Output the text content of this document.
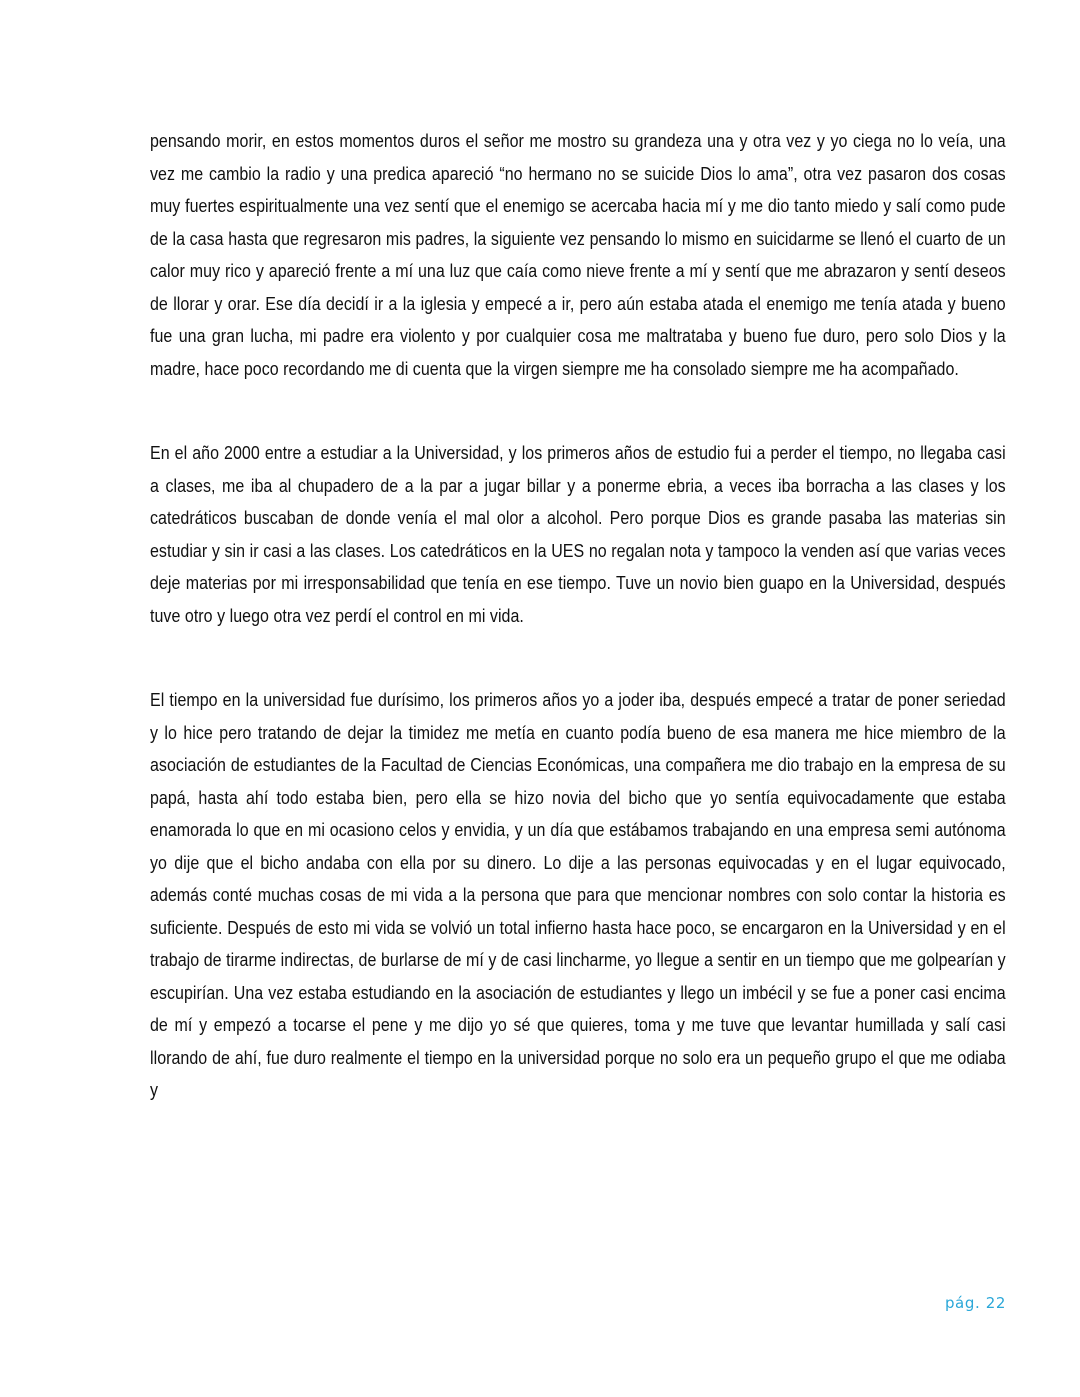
pensando morir, en estos momentos duros el señor me mostro su grandeza una y otra vez y yo ciega no lo veía, una vez me cambio la radio y una predica apareció “no hermano no se suicide Dios lo ama”, otra vez pasaron dos cosas muy fuertes espiritualmente una vez sentí que el enemigo se acercaba hacia mí y me dio tanto miedo y salí como pude de la casa hasta que regresaron mis padres, la siguiente vez pensando lo mismo en suicidarme se llenó el cuarto de un calor muy rico y apareció frente a mí una luz que caía como nieve frente a mí y sentí que me abrazaron y sentí deseos de llorar y orar. Ese día decidí ir a la iglesia y empecé a ir, pero aún estaba atada el enemigo me tenía atada y bueno fue una gran lucha, mi padre era violento y por cualquier cosa me maltrataba y bueno fue duro, pero solo Dios y la madre, hace poco recordando me di cuenta que la virgen siempre me ha consolado siempre me ha acompañado.

En el año 2000 entre a estudiar a la Universidad, y los primeros años de estudio fui a perder el tiempo, no llegaba casi a clases, me iba al chupadero de a la par a jugar billar y a ponerme ebria, a veces iba borracha a las clases y los catedráticos buscaban de donde venía el mal olor a alcohol. Pero porque Dios es grande pasaba las materias sin estudiar y sin ir casi a las clases. Los catedráticos en la UES no regalan nota y tampoco la venden así que varias veces deje materias por mi irresponsabilidad que tenía en ese tiempo. Tuve un novio bien guapo en la Universidad, después tuve otro y luego otra vez perdí el control en mi vida.

El tiempo en la universidad fue durísimo, los primeros años yo a joder iba, después empecé a tratar de poner seriedad y lo hice pero tratando de dejar la timidez me metía en cuanto podía bueno de esa manera me hice miembro de la asociación de estudiantes de la Facultad de Ciencias Económicas, una compañera me dio trabajo en la empresa de su papá, hasta ahí todo estaba bien, pero ella se hizo novia del bicho que yo sentía equivocadamente que estaba enamorada lo que en mi ocasiono celos y envidia, y un día que estábamos trabajando en una empresa semi autónoma yo dije que el bicho andaba con ella por su dinero. Lo dije a las personas equivocadas y en el lugar equivocado, además conté muchas cosas de mi vida a la persona que para que mencionar nombres con solo contar la historia es suficiente. Después de esto mi vida se volvió un total infierno hasta hace poco, se encargaron en la Universidad y en el trabajo de tirarme indirectas, de burlarse de mí y de casi lincharme, yo llegue a sentir en un tiempo que me golpearían y escupirían. Una vez estaba estudiando en la asociación de estudiantes y llego un imbécil y se fue a poner casi encima de mí y empezó a tocarse el pene y me dijo yo sé que quieres, toma y me tuve que levantar humillada y salí casi llorando de ahí, fue duro realmente el tiempo en la universidad porque no solo era un pequeño grupo el que me odiaba y

pág. 22
